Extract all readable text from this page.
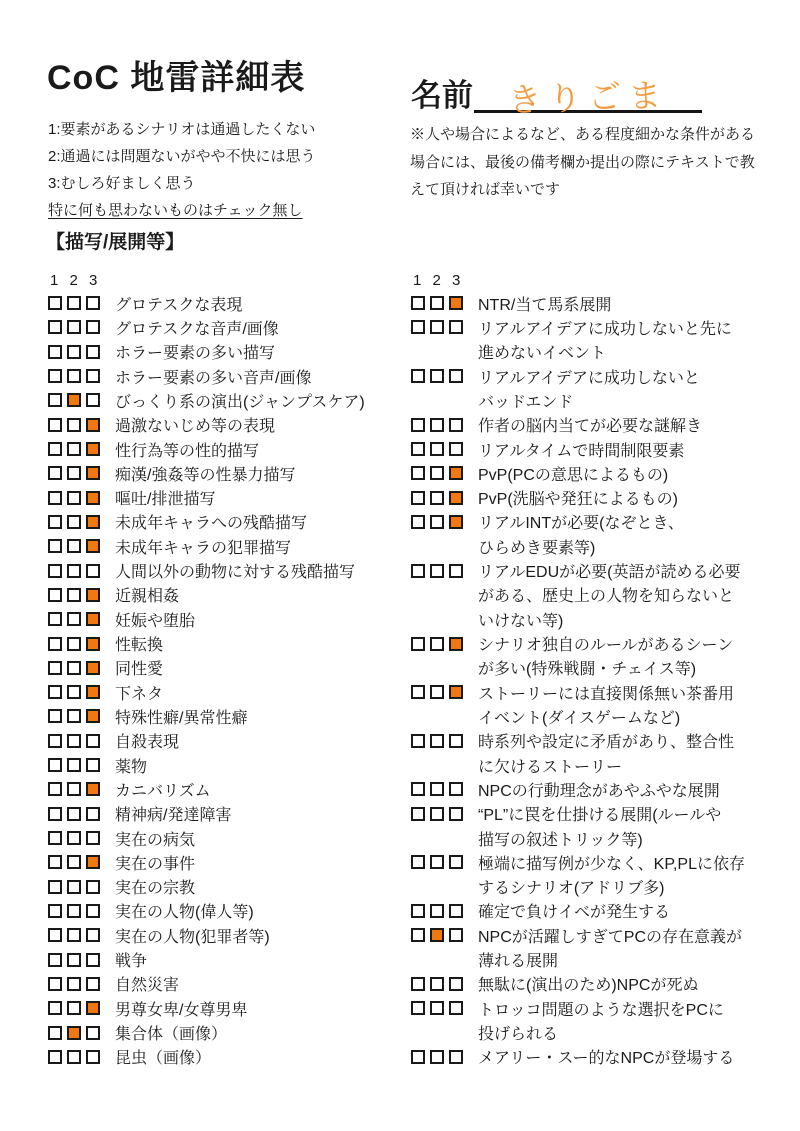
CoC 地雷詳細表
1:要素があるシナリオは通過したくない
2:通過には問題ないがやや不快には思う
3:むしろ好ましく思う
特に何も思わないものはチェック無し
名前	きりごま
※人や場合によるなど、ある程度細かな条件がある
場合には、最後の備考欄か提出の際にテキストで教
えて頂ければ幸いです
【描写/展開等】
1 2 3
グロテスクな表現
グロテスクな音声/画像
ホラー要素の多い描写
ホラー要素の多い音声/画像
びっくり系の演出(ジャンプスケア)
過激ないじめ等の表現
性行為等の性的描写
痴漢/強姦等の性暴力描写
嘔吐/排泄描写
未成年キャラへの残酷描写
未成年キャラの犯罪描写
人間以外の動物に対する残酷描写
近親相姦
妊娠や堕胎
性転換
同性愛
下ネタ
特殊性癖/異常性癖
自殺表現
薬物
カニバリズム
精神病/発達障害
実在の病気
実在の事件
実在の宗教
実在の人物(偉人等)
実在の人物(犯罪者等)
戦争
自然災害
男尊女卑/女尊男卑
集合体（画像）
昆虫（画像）
1 2 3
NTR/当て馬系展開
リアルアイデアに成功しないと先に
進めないイベント
リアルアイデアに成功しないと
バッドエンド
作者の脳内当てが必要な謎解き
リアルタイムで時間制限要素
PvP(PCの意思によるもの)
PvP(洗脳や発狂によるもの)
リアルINTが必要(なぞとき、
ひらめき要素等)
リアルEDUが必要(英語が読める必要
がある、歴史上の人物を知らないと
いけない等)
シナリオ独自のルールがあるシーン
が多い(特殊戦闘・チェイス等)
ストーリーには直接関係無い茶番用
イベント(ダイスゲームなど)
時系列や設定に矛盾があり、整合性
に欠けるストーリー
NPCの行動理念があやふやな展開
“PL”に罠を仕掛ける展開(ルールや
描写の叙述トリック等)
極端に描写例が少なく、KP,PLに依存
するシナリオ(アドリブ多)
確定で負けイベが発生する
NPCが活躍しすぎてPCの存在意義が
薄れる展開
無駄に(演出のため)NPCが死ぬ
トロッコ問題のような選択をPCに
投げられる
メアリー・スー的なNPCが登場する
